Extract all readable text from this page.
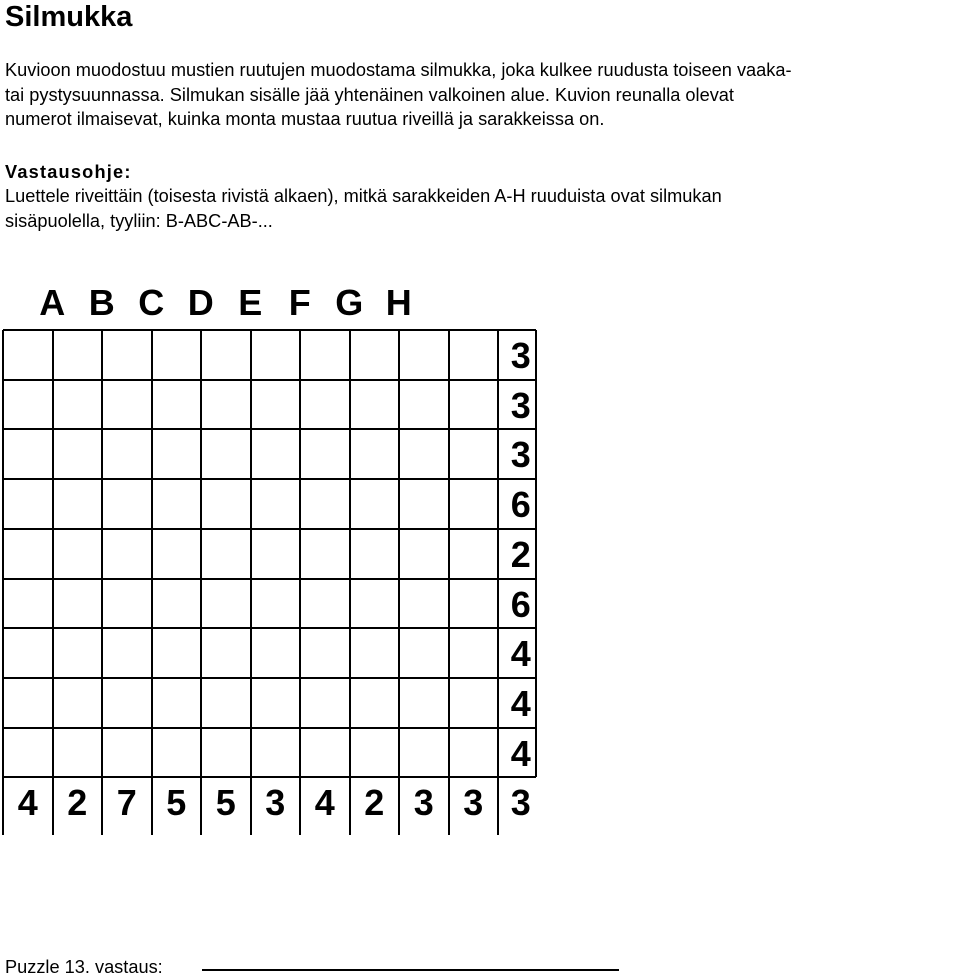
Silmukka
Kuvioon muodostuu mustien ruutujen muodostama silmukka, joka kulkee ruudusta toiseen vaaka-
tai pystysuunnassa. Silmukan sisälle jää yhtenäinen valkoinen alue. Kuvion reunalla olevat
numerot ilmaisevat, kuinka monta mustaa ruutua riveillä ja sarakkeissa on.
Vastausohje:
Luettele riveittäin (toisesta rivistä alkaen), mitkä sarakkeiden A-H ruuduista ovat silmukan
sisäpuolella, tyyliin: B-ABC-AB-...
A B C D E F G H
3
3
3
6
2
6
4
4
4
3
4 2 7 5 5 3 4 2 3 3
Puzzle 13. vastaus:
